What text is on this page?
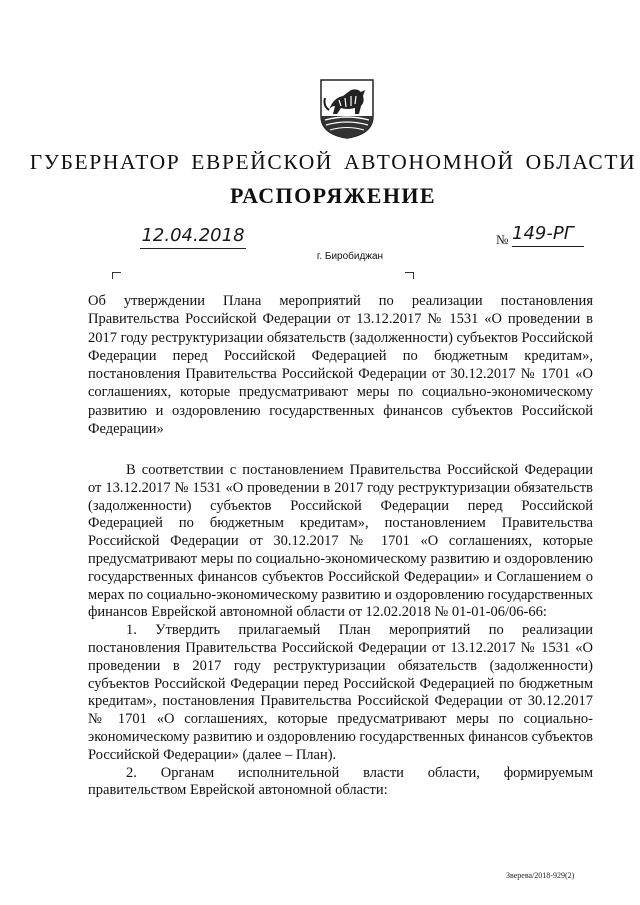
ГУБЕРНАТОР ЕВРЕЙСКОЙ АВТОНОМНОЙ ОБЛАСТИ
РАСПОРЯЖЕНИЕ
12.04.2018	№ 149-РГ
г. Биробиджан
Об утверждении Плана мероприятий по реализации постановления Правительства Российской Федерации от 13.12.2017 № 1531 «О проведении в 2017 году реструктуризации обязательств (задолженности) субъектов Российской Федерации перед Российской Федерацией по бюджетным кредитам», постановления Правительства Российской Федерации от 30.12.2017 № 1701 «О соглашениях, которые предусматривают меры по социально-экономическому развитию и оздоровлению государственных финансов субъектов Российской Федерации»

В соответствии с постановлением Правительства Российской Федерации от 13.12.2017 № 1531 «О проведении в 2017 году реструктуризации обязательств (задолженности) субъектов Российской Федерации перед Российской Федерацией по бюджетным кредитам», постановлением Правительства Российской Федерации от 30.12.2017 № 1701 «О соглашениях, которые предусматривают меры по социально-экономическому развитию и оздоровлению государственных финансов субъектов Российской Федерации» и Соглашением о мерах по социально-экономическому развитию и оздоровлению государственных финансов Еврейской автономной области от 12.02.2018 № 01-01-06/06-66:

1. Утвердить прилагаемый План мероприятий по реализации постановления Правительства Российской Федерации от 13.12.2017 № 1531 «О проведении в 2017 году реструктуризации обязательств (задолженности) субъектов Российской Федерации перед Российской Федерацией по бюджетным кредитам», постановления Правительства Российской Федерации от 30.12.2017 № 1701 «О соглашениях, которые предусматривают меры по социально-экономическому развитию и оздоровлению государственных финансов субъектов Российской Федерации» (далее – План).

2. Органам исполнительной власти области, формируемым правительством Еврейской автономной области:

Зверева/2018-929(2)
